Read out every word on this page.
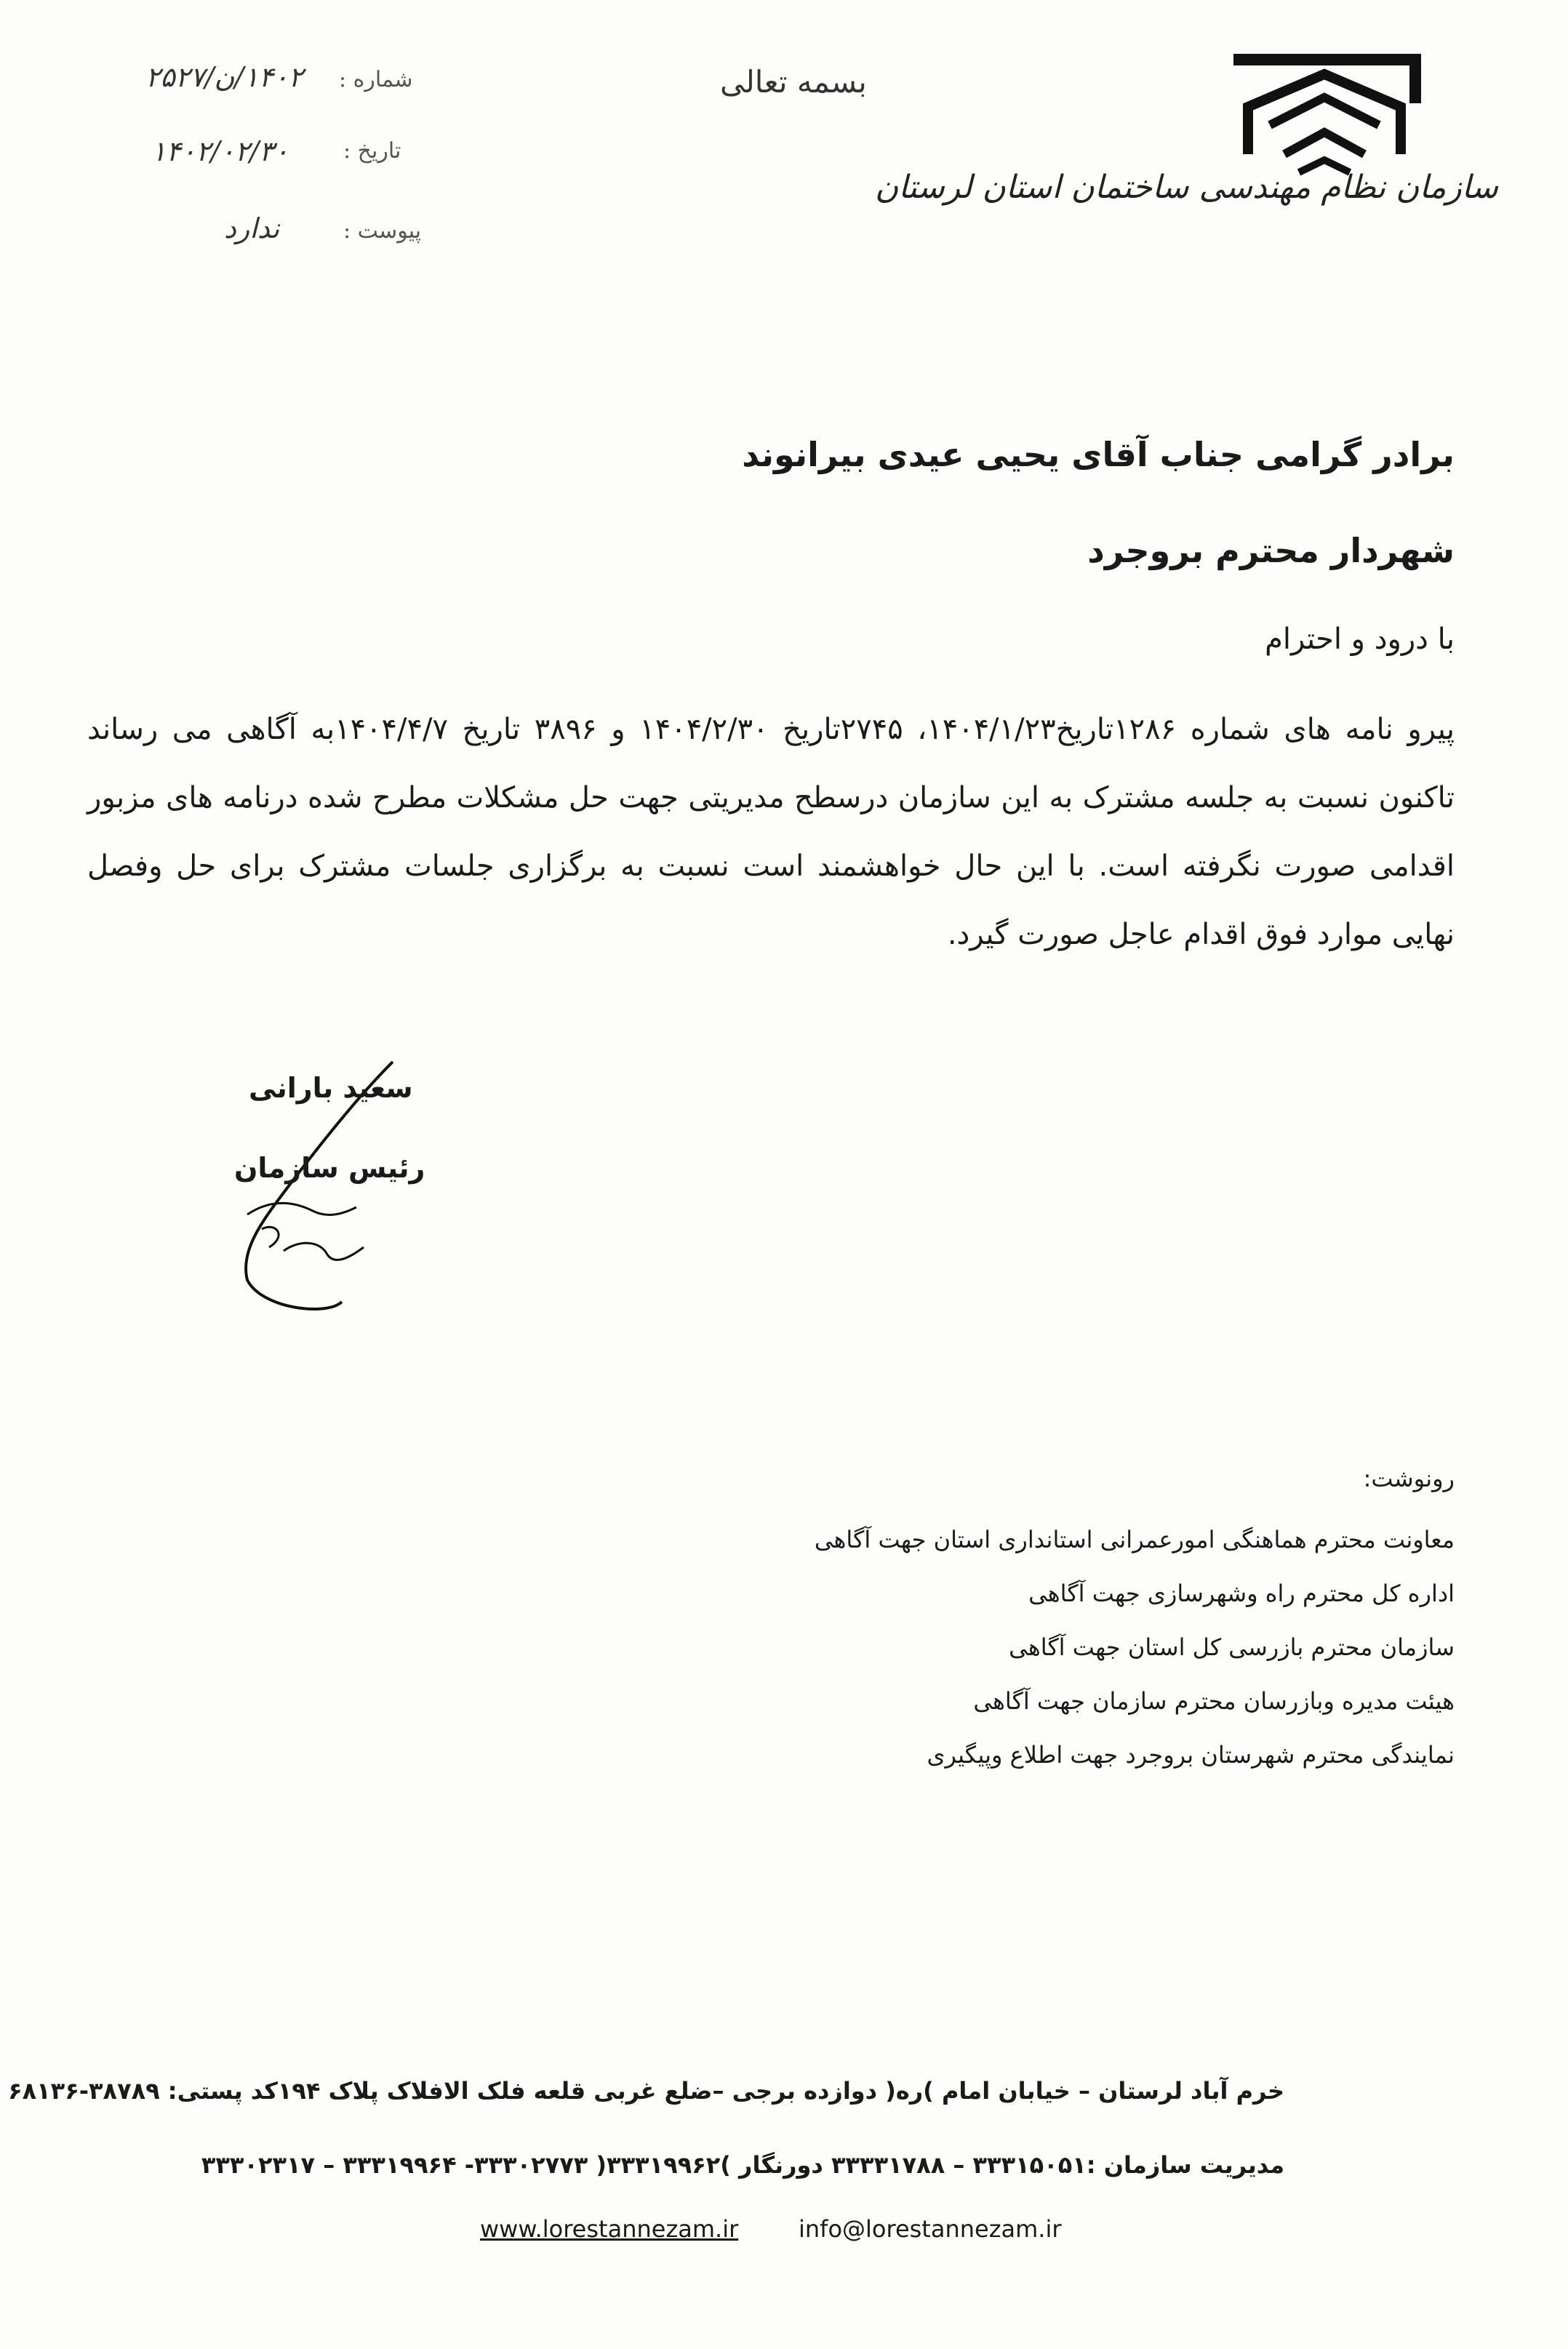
سازمان نظام مهندسی ساختمان استان لرستان
بسمه تعالی
شماره :
۱۴۰۲/ن/۲۵۲۷
تاریخ :
۱۴۰۲/۰۲/۳۰
پیوست :
ندارد
برادر گرامی جناب آقای یحیی عیدی بیرانوند
شهردار محترم بروجرد
با درود و احترام
پیرو نامه های شماره ۱۲۸۶تاریخ۱۴۰۴/۱/۲۳، ۲۷۴۵تاریخ ۱۴۰۴/۲/۳۰ و ۳۸۹۶ تاریخ ۱۴۰۴/۴/۷به آگاهی می رساند تاکنون نسبت به جلسه مشترک به این سازمان درسطح مدیریتی جهت حل مشکلات مطرح شده درنامه های مزبور اقدامی صورت نگرفته است. با این حال خواهشمند است نسبت به برگزاری جلسات مشترک برای حل وفصل نهایی موارد فوق اقدام عاجل صورت گیرد.
سعید بارانی
رئیس سازمان
رونوشت:
معاونت محترم هماهنگی امورعمرانی استانداری استان جهت آگاهی
اداره کل محترم راه وشهرسازی جهت آگاهی
سازمان محترم بازرسی کل استان جهت آگاهی
هیئت مدیره وبازرسان محترم سازمان جهت آگاهی
نمایندگی محترم شهرستان بروجرد جهت اطلاع وپیگیری
خرم آباد لرستان – خیابان امام )ره( دوازده برجی –ضلع غربی قلعه فلک الافلاک پلاک ۱۹۴کد پستی: ۳۸۷۸۹-۶۸۱۳۶
مدیریت سازمان :۳۳۳۱۵۰۵۱ – ۳۳۳۳۱۷۸۸ دورنگار )۳۳۳۱۹۹۶۲( ۳۳۳۰۲۷۷۳- ۳۳۳۱۹۹۶۴ – ۳۳۳۰۲۳۱۷
www.lorestannezam.ir	info@lorestannezam.ir
